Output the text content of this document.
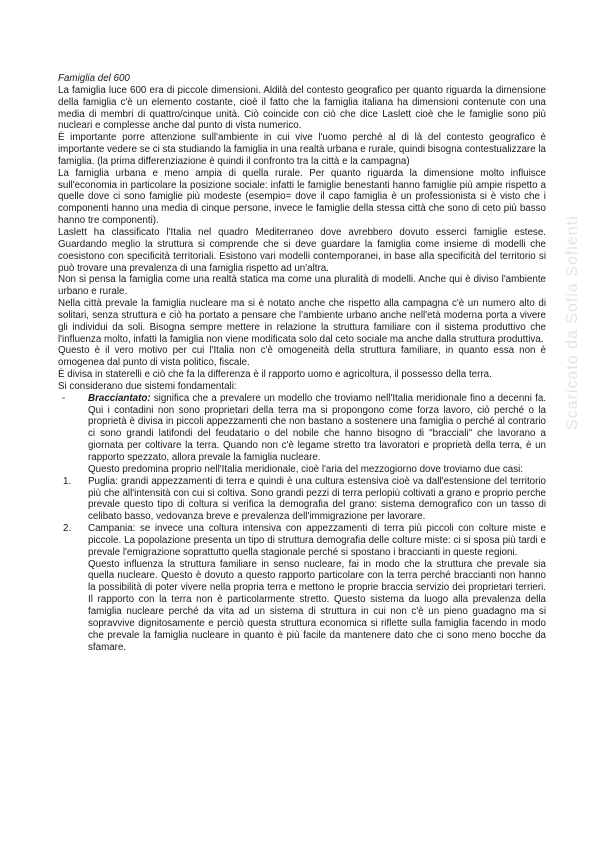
Scaricato da Sofia Sofienti

Famiglia del 600

La famiglia luce 600 era di piccole dimensioni. Aldilà del contesto geografico per quanto riguarda la dimensione della famiglia c'è un elemento costante, cioè il fatto che la famiglia italiana ha dimensioni contenute con una media di membri di quattro/cinque unità. Ciò coincide con ciò che dice Laslett cioè che le famiglie sono più nucleari e complesse anche dal punto di vista numerico.

È importante porre attenzione sull'ambiente in cui vive l'uomo perché al di là del contesto geografico è importante vedere se ci sta studiando la famiglia in una realtà urbana e rurale, quindi bisogna contestualizzare la famiglia. (la prima differenziazione è quindi il confronto tra la città e la campagna)

La famiglia urbana e meno ampia di quella rurale. Per quanto riguarda la dimensione molto influisce sull'economia in particolare la posizione sociale: infatti le famiglie benestanti hanno famiglie più ampie rispetto a quelle dove ci sono famiglie più modeste (esempio= dove il capo famiglia è un professionista si è visto che i componenti hanno una media di cinque persone, invece le famiglie della stessa città che sono di ceto più basso hanno tre componenti).

Laslett ha classificato l'Italia nel quadro Mediterraneo dove avrebbero dovuto esserci famiglie estese. Guardando meglio la struttura si comprende che si deve guardare la famiglia come insieme di modelli che coesistono con specificità territoriali. Esistono vari modelli contemporanei, in base alla specificità del territorio si può trovare una prevalenza di una famiglia rispetto ad un'altra.

Non si pensa la famiglia come una realtà statica ma come una pluralità di modelli. Anche qui è diviso l'ambiente urbano e rurale.

Nella città prevale la famiglia nucleare ma si è notato anche che rispetto alla campagna c'è un numero alto di solitari, senza struttura e ciò ha portato a pensare che l'ambiente urbano anche nell'età moderna porta a vivere gli individui da soli. Bisogna sempre mettere in relazione la struttura familiare con il sistema produttivo che l'influenza molto, infatti la famiglia non viene modificata solo dal ceto sociale ma anche dalla struttura produttiva.

Questo è il vero motivo per cui l'Italia non c'è omogeneità della struttura familiare, in quanto essa non è omogenea dal punto di vista politico, fiscale.

È divisa in staterelli e ciò che fa la differenza è il rapporto uomo e agricoltura, il possesso della terra.

Si considerano due sistemi fondamentali:

- Bracciantato: significa che a prevalere un modello che troviamo nell'Italia meridionale fino a decenni fa. Qui i contadini non sono proprietari della terra ma si propongono come forza lavoro, ciò perché o la proprietà è divisa in piccoli appezzamenti che non bastano a sostenere una famiglia o perché al contrario ci sono grandi latifondi del feudatario o del nobile che hanno bisogno di "bracciali" che lavorano a giornata per coltivare la terra. Quando non c'è legame stretto tra lavoratori e proprietà della terra, è un rapporto spezzato, allora prevale la famiglia nucleare.

Questo predomina proprio nell'Italia meridionale, cioè l'aria del mezzogiorno dove troviamo due casi:

1. Puglia: grandi appezzamenti di terra e quindi è una cultura estensiva cioè va dall'estensione del territorio più che all'intensità con cui si coltiva. Sono grandi pezzi di terra perlopiù coltivati a grano e proprio perche prevale questo tipo di coltura si verifica la demografia del grano: sistema demografico con un tasso di celibato basso, vedovanza breve e prevalenza dell'immigrazione per lavorare.

2. Campania: se invece una coltura intensiva con appezzamenti di terra più piccoli con colture miste e piccole. La popolazione presenta un tipo di struttura demografia delle colture miste: ci si sposa più tardi e prevale l'emigrazione soprattutto quella stagionale perché si spostano i braccianti in queste regioni.

Questo influenza la struttura familiare in senso nucleare, fai in modo che la struttura che prevale sia quella nucleare. Questo è dovuto a questo rapporto particolare con la terra perché braccianti non hanno la possibilità di poter vivere nella propria terra e mettono le proprie braccia servizio dei proprietari terrieri. Il rapporto con la terra non è particolarmente stretto. Questo sistema da luogo alla prevalenza della famiglia nucleare perché da vita ad un sistema di struttura in cui non c'è un pieno guadagno ma si sopravvive dignitosamente e perciò questa struttura economica si riflette sulla famiglia facendo in modo che prevale la famiglia nucleare in quanto è più facile da mantenere dato che ci sono meno bocche da sfamare.
